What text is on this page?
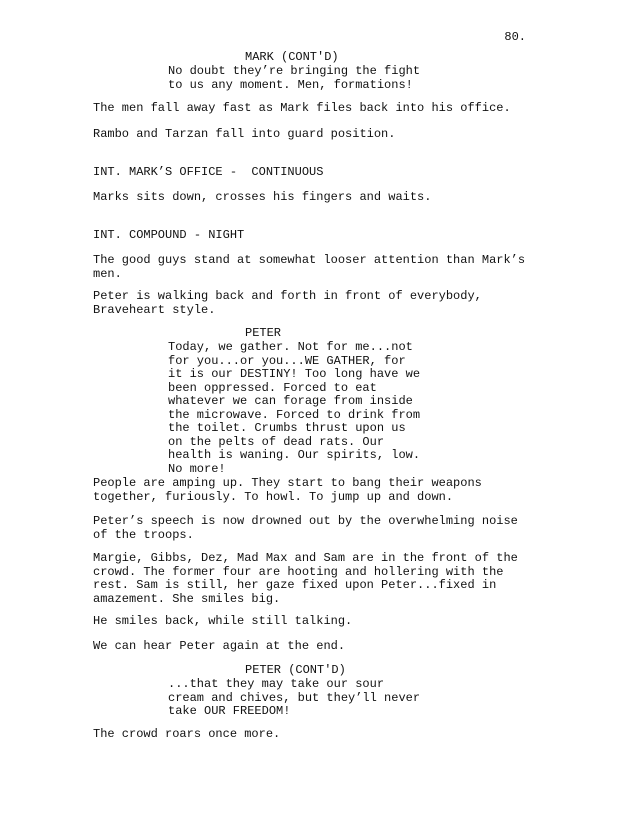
80.
MARK (CONT'D)
No doubt they’re bringing the fight
to us any moment. Men, formations!
The men fall away fast as Mark files back into his office.
Rambo and Tarzan fall into guard position.
INT. MARK’S OFFICE -  CONTINUOUS
Marks sits down, crosses his fingers and waits.
INT. COMPOUND - NIGHT
The good guys stand at somewhat looser attention than Mark’s
men.
Peter is walking back and forth in front of everybody,
Braveheart style.
PETER
Today, we gather. Not for me...not
for you...or you...WE GATHER, for
it is our DESTINY! Too long have we
been oppressed. Forced to eat
whatever we can forage from inside
the microwave. Forced to drink from
the toilet. Crumbs thrust upon us
on the pelts of dead rats. Our
health is waning. Our spirits, low.
No more!
People are amping up. They start to bang their weapons
together, furiously. To howl. To jump up and down.
Peter’s speech is now drowned out by the overwhelming noise
of the troops.
Margie, Gibbs, Dez, Mad Max and Sam are in the front of the
crowd. The former four are hooting and hollering with the
rest. Sam is still, her gaze fixed upon Peter...fixed in
amazement. She smiles big.
He smiles back, while still talking.
We can hear Peter again at the end.
PETER (CONT'D)
...that they may take our sour
cream and chives, but they’ll never
take OUR FREEDOM!
The crowd roars once more.
